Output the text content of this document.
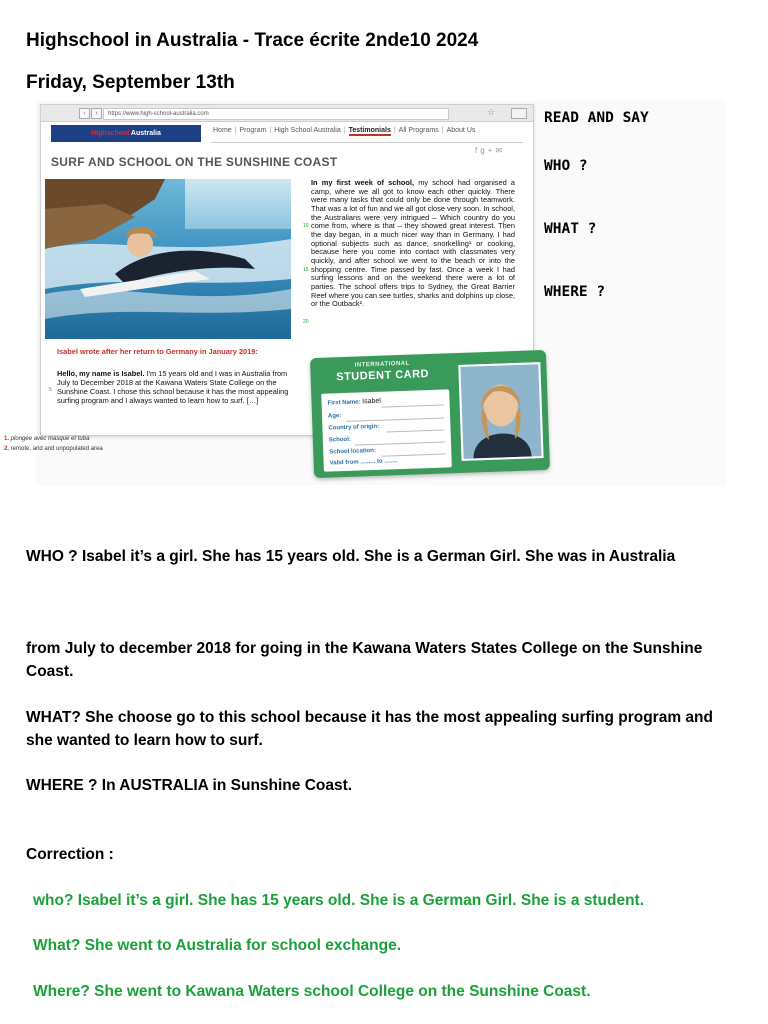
Highschool in Australia - Trace écrite 2nde10 2024
Friday, September 13th
‹	›	https://www.high-school-australia.com	☆
Highschool Australia	Home | Program | High School Australia | Testimonials | All Programs | About Us
fg+✉
SURF AND SCHOOL ON THE SUNSHINE COAST
In my first week of school, my school had organised a camp, where we all got to know each other quickly. There were many tasks that could only be done through teamwork. That was a lot of fun and we all got close very soon. In school, the Australians were very intrigued – Which country do you come from, where is that – they showed great interest. Then the day began, in a much nicer way than in Germany. I had optional subjects such as dance, snorkelling¹ or cooking, because here you come into contact with classmates very quickly, and after school we went to the beach or into the shopping centre. Time passed by fast. Once a week I had surfing lessons and on the weekend there were a lot of parties. The school offers trips to Sydney, the Great Barrier Reef where you can see turtles, sharks and dolphins up close, or the Outback².
10
15
20
Isabel wrote after her return to Germany in January 2019:
Hello, my name is Isabel. I'm 15 years old and I was in Australia from July to December 2018 at the Kawana Waters State College on the Sunshine Coast. I chose this school because it has the most appealing surfing program and I always wanted to learn how to surf. […]
5
1. plongée avec masque et tuba
2. remote, arid and unpopulated area
INTERNATIONAL
STUDENT CARD
First Name: Isabel
Age:
Country of origin:
School:
School location:
Valid from ......... to ........
READ AND SAY
WHO ?
WHAT ?
WHERE ?
WHO ? Isabel it’s a girl. She has 15 years old. She is a German Girl. She was in Australia
from July to december 2018 for going in the Kawana Waters States College on the Sunshine Coast.
WHAT? She choose go to this school because it has the most appealing surfing program and she wanted to learn how to surf.
WHERE ? In AUSTRALIA in Sunshine Coast.
Correction :
who? Isabel it’s a girl. She has 15 years old. She is a German Girl. She is a student.
What? She went to Australia for school exchange.
Where? She went to Kawana Waters school College on the Sunshine Coast.
